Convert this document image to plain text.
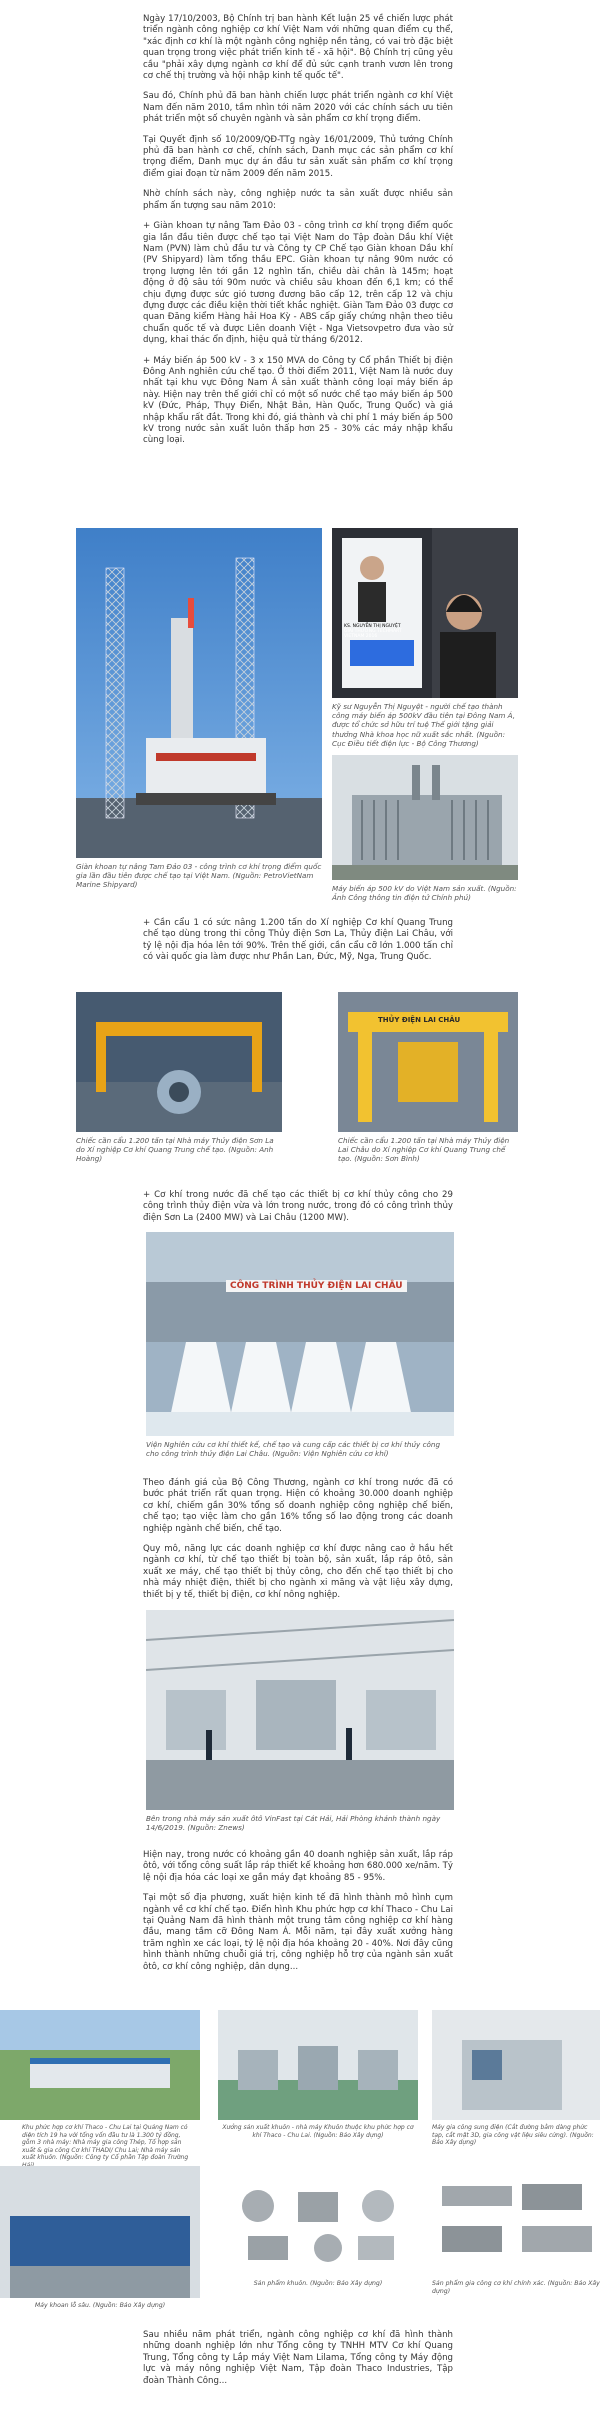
Ngày 17/10/2003, Bộ Chính trị ban hành Kết luận 25 về chiến lược phát triển ngành công nghiệp cơ khí Việt Nam với những quan điểm cụ thể, "xác định cơ khí là một ngành công nghiệp nền tảng, có vai trò đặc biệt quan trọng trong việc phát triển kinh tế - xã hội". Bộ Chính trị cũng yêu cầu "phải xây dựng ngành cơ khí để đủ sức cạnh tranh vươn lên trong cơ chế thị trường và hội nhập kinh tế quốc tế".

Sau đó, Chính phủ đã ban hành chiến lược phát triển ngành cơ khí Việt Nam đến năm 2010, tầm nhìn tới năm 2020 với các chính sách ưu tiên phát triển một số chuyên ngành và sản phẩm cơ khí trọng điểm.

Tại Quyết định số 10/2009/QĐ-TTg ngày 16/01/2009, Thủ tướng Chính phủ đã ban hành cơ chế, chính sách, Danh mục các sản phẩm cơ khí trọng điểm, Danh mục dự án đầu tư sản xuất sản phẩm cơ khí trọng điểm giai đoạn từ năm 2009 đến năm 2015.

Nhờ chính sách này, công nghiệp nước ta sản xuất được nhiều sản phẩm ấn tượng sau năm 2010:

+ Giàn khoan tự nâng Tam Đảo 03 - công trình cơ khí trọng điểm quốc gia lần đầu tiên được chế tạo tại Việt Nam do Tập đoàn Dầu khí Việt Nam (PVN) làm chủ đầu tư và Công ty CP Chế tạo Giàn khoan Dầu khí (PV Shipyard) làm tổng thầu EPC. Giàn khoan tự nâng 90m nước có trọng lượng lên tới gần 12 nghìn tấn, chiều dài chân là 145m; hoạt động ở độ sâu tới 90m nước và chiều sâu khoan đến 6,1 km; có thể chịu đựng được sức gió tương đương bão cấp 12, trên cấp 12 và chịu đựng được các điều kiện thời tiết khắc nghiệt. Giàn Tam Đảo 03 được cơ quan Đăng kiểm Hàng hải Hoa Kỳ - ABS cấp giấy chứng nhận theo tiêu chuẩn quốc tế và được Liên doanh Việt - Nga Vietsovpetro đưa vào sử dụng, khai thác ổn định, hiệu quả từ tháng 6/2012.

+ Máy biến áp 500 kV - 3 x 150 MVA do Công ty Cổ phần Thiết bị điện Đông Anh nghiên cứu chế tạo. Ở thời điểm 2011, Việt Nam là nước duy nhất tại khu vực Đông Nam Á sản xuất thành công loại máy biến áp này. Hiện nay trên thế giới chỉ có một số nước chế tạo máy biến áp 500 kV (Đức, Pháp, Thụy Điển, Nhật Bản, Hàn Quốc, Trung Quốc) và giá nhập khẩu rất đắt. Trong khi đó, giá thành và chi phí 1 máy biến áp 500 kV trong nước sản xuất luôn thấp hơn 25 - 30% các máy nhập khẩu cùng loại.

Giàn khoan tự nâng Tam Đảo 03 - công trình cơ khí trọng điểm quốc gia lần đầu tiên được chế tạo tại Việt Nam. (Nguồn: PetroVietNam Marine Shipyard)

KS. NGUYỄN THỊ NGUYỆT
GIẢI THƯỞNG TECHMART VIETNAM 2016

Kỹ sư Nguyễn Thị Nguyệt - người chế tạo thành công máy biến áp 500kV đầu tiên tại Đông Nam Á, được tổ chức sở hữu trí tuệ Thế giới tặng giải thưởng Nhà khoa học nữ xuất sắc nhất. (Nguồn: Cục Điều tiết điện lực - Bộ Công Thương)

Máy biến áp 500 kV do Việt Nam sản xuất. (Nguồn: Ảnh Công thông tin điện tử Chính phủ)

+ Cần cẩu 1 có sức nâng 1.200 tấn do Xí nghiệp Cơ khí Quang Trung chế tạo dùng trong thi công Thủy điện Sơn La, Thủy điện Lai Châu, với tỷ lệ nội địa hóa lên tới 90%. Trên thế giới, cần cẩu cỡ lớn 1.000 tấn chỉ có vài quốc gia làm được như Phần Lan, Đức, Mỹ, Nga, Trung Quốc.

Chiếc cần cẩu 1.200 tấn tại Nhà máy Thủy điện Sơn La do Xí nghiệp Cơ khí Quang Trung chế tạo. (Nguồn: Anh Hoàng)

THỦY ĐIỆN LAI CHÂU

Chiếc cần cẩu 1.200 tấn tại Nhà máy Thủy điện Lai Châu do Xí nghiệp Cơ khí Quang Trung chế tạo. (Nguồn: Sơn Bình)

+ Cơ khí trong nước đã chế tạo các thiết bị cơ khí thủy công cho 29 công trình thủy điện vừa và lớn trong nước, trong đó có công trình thủy điện Sơn La (2400 MW) và Lai Châu (1200 MW).

CÔNG TRÌNH THỦY ĐIỆN LAI CHÂU

Viện Nghiên cứu cơ khí thiết kế, chế tạo và cung cấp các thiết bị cơ khí thủy công cho công trình thủy điện Lai Châu. (Nguồn: Viện Nghiên cứu cơ khí)

Theo đánh giá của Bộ Công Thương, ngành cơ khí trong nước đã có bước phát triển rất quan trọng. Hiện có khoảng 30.000 doanh nghiệp cơ khí, chiếm gần 30% tổng số doanh nghiệp công nghiệp chế biến, chế tạo; tạo việc làm cho gần 16% tổng số lao động trong các doanh nghiệp ngành chế biến, chế tạo.

Quy mô, năng lực các doanh nghiệp cơ khí được nâng cao ở hầu hết ngành cơ khí, từ chế tạo thiết bị toàn bộ, sản xuất, lắp ráp ôtô, sản xuất xe máy, chế tạo thiết bị thủy công, cho đến chế tạo thiết bị cho nhà máy nhiệt điện, thiết bị cho ngành xi măng và vật liệu xây dựng, thiết bị y tế, thiết bị điện, cơ khí nông nghiệp.

Bên trong nhà máy sản xuất ôtô VinFast tại Cát Hải, Hải Phòng khánh thành ngày 14/6/2019. (Nguồn: Znews)

Hiện nay, trong nước có khoảng gần 40 doanh nghiệp sản xuất, lắp ráp ôtô, với tổng công suất lắp ráp thiết kế khoảng hơn 680.000 xe/năm. Tỷ lệ nội địa hóa các loại xe gần máy đạt khoảng 85 - 95%.

Tại một số địa phương, xuất hiện kinh tế đã hình thành mô hình cụm ngành về cơ khí chế tạo. Điển hình Khu phức hợp cơ khí Thaco - Chu Lai tại Quảng Nam đã hình thành một trung tâm công nghiệp cơ khí hàng đầu, mang tầm cỡ Đông Nam Á. Mỗi năm, tại đây xuất xưởng hàng trăm nghìn xe các loại, tỷ lệ nội địa hóa khoảng 20 - 40%. Nơi đây cũng hình thành những chuỗi giá trị, công nghiệp hỗ trợ của ngành sản xuất ôtô, cơ khí công nghiệp, dân dụng...

Khu phức hợp cơ khí Thaco - Chu Lai tại Quảng Nam có diện tích 19 ha với tổng vốn đầu tư là 1.300 tỷ đồng, gồm 3 nhà máy: Nhà máy gia công Thép, Tổ hợp sản xuất & gia công Cơ khí THADI/ Chu Lai; Nhà máy sản xuất khuôn. (Nguồn: Công ty Cổ phần Tập đoàn Trường

Xưởng sản xuất khuôn - nhà máy Khuôn thuộc khu phức hợp cơ khí Thaco - Chu Lai. (Nguồn: Báo Xây dựng)

Máy gia công sung điện (Cắt đường bằm dàng phức tạp, cắt mặt 3D, gia công vật liệu siêu cứng). (Nguồn: Báo Xây dựng)

Máy khoan lỗ sâu. (Nguồn: Báo Xây dựng)

Sản phẩm khuôn. (Nguồn: Báo Xây dựng)	Sản phẩm gia công cơ khí chính xác. (Nguồn: Báo Xây dựng)

Sau nhiều năm phát triển, ngành công nghiệp cơ khí đã hình thành những doanh nghiệp lớn như Tổng công ty TNHH MTV Cơ khí Quang Trung, Tổng công ty Lắp máy Việt Nam Lilama, Tổng công ty Máy động lực và máy nông nghiệp Việt Nam, Tập đoàn Thaco Industries, Tập đoàn Thành Công...
